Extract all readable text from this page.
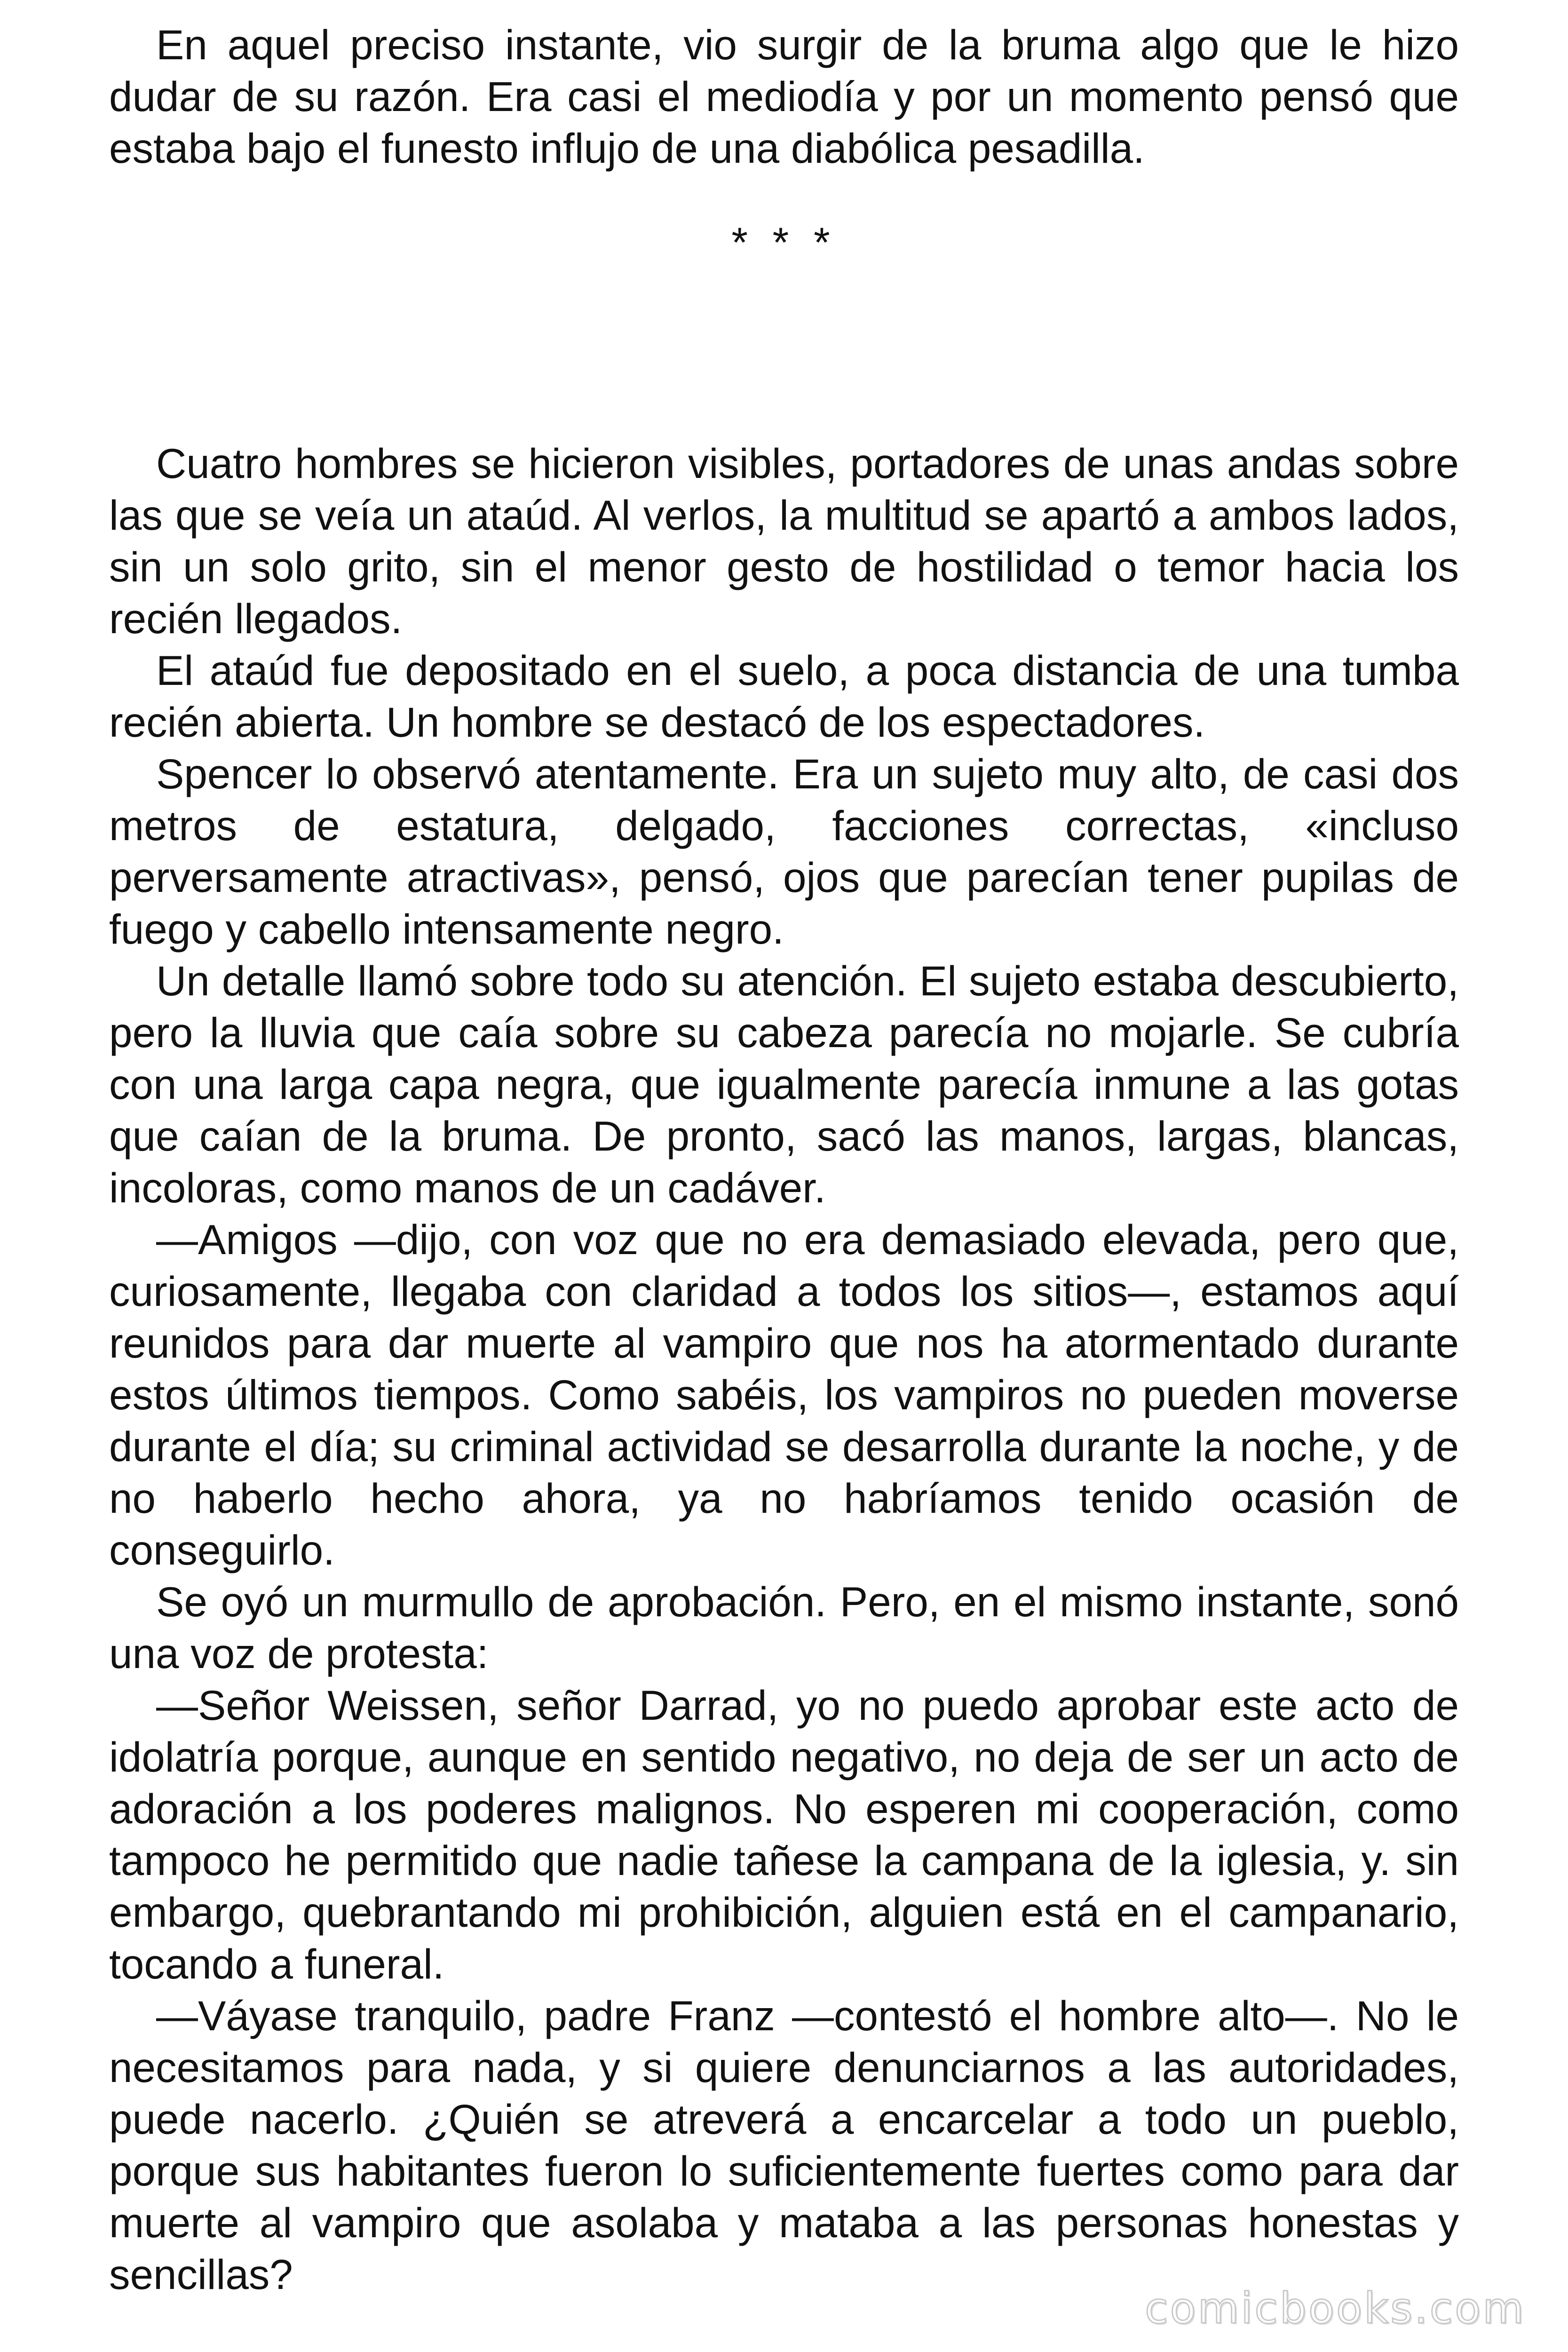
En aquel preciso instante, vio surgir de la bruma algo que le hizo dudar de su razón. Era casi el mediodía y por un momento pensó que estaba bajo el funesto influjo de una diabólica pesadilla.

* * *

Cuatro hombres se hicieron visibles, portadores de unas andas sobre las que se veía un ataúd. Al verlos, la multitud se apartó a ambos lados, sin un solo grito, sin el menor gesto de hostilidad o temor hacia los recién llegados.

El ataúd fue depositado en el suelo, a poca distancia de una tumba recién abierta. Un hombre se destacó de los espectadores.

Spencer lo observó atentamente. Era un sujeto muy alto, de casi dos metros de estatura, delgado, facciones correctas, «incluso perversamente atractivas», pensó, ojos que parecían tener pupilas de fuego y cabello intensamente negro.

Un detalle llamó sobre todo su atención. El sujeto estaba descubierto, pero la lluvia que caía sobre su cabeza parecía no mojarle. Se cubría con una larga capa negra, que igualmente parecía inmune a las gotas que caían de la bruma. De pronto, sacó las manos, largas, blancas, incoloras, como manos de un cadáver.

—Amigos —dijo, con voz que no era demasiado elevada, pero que, curiosamente, llegaba con claridad a todos los sitios—, estamos aquí reunidos para dar muerte al vampiro que nos ha atormentado durante estos últimos tiempos. Como sabéis, los vampiros no pueden moverse durante el día; su criminal actividad se desarrolla durante la noche, y de no haberlo hecho ahora, ya no habríamos tenido ocasión de conseguirlo.

Se oyó un murmullo de aprobación. Pero, en el mismo instante, sonó una voz de protesta:

—Señor Weissen, señor Darrad, yo no puedo aprobar este acto de idolatría porque, aunque en sentido negativo, no deja de ser un acto de adoración a los poderes malignos. No esperen mi cooperación, como tampoco he permitido que nadie tañese la campana de la iglesia, y. sin embargo, quebrantando mi prohibición, alguien está en el campanario, tocando a funeral.

—Váyase tranquilo, padre Franz —contestó el hombre alto—. No le necesitamos para nada, y si quiere denunciarnos a las autoridades, puede nacerlo. ¿Quién se atreverá a encarcelar a todo un pueblo, porque sus habitantes fueron lo suficientemente fuertes como para dar muerte al vampiro que asolaba y mataba a las personas honestas y sencillas?

comicbooks.com
